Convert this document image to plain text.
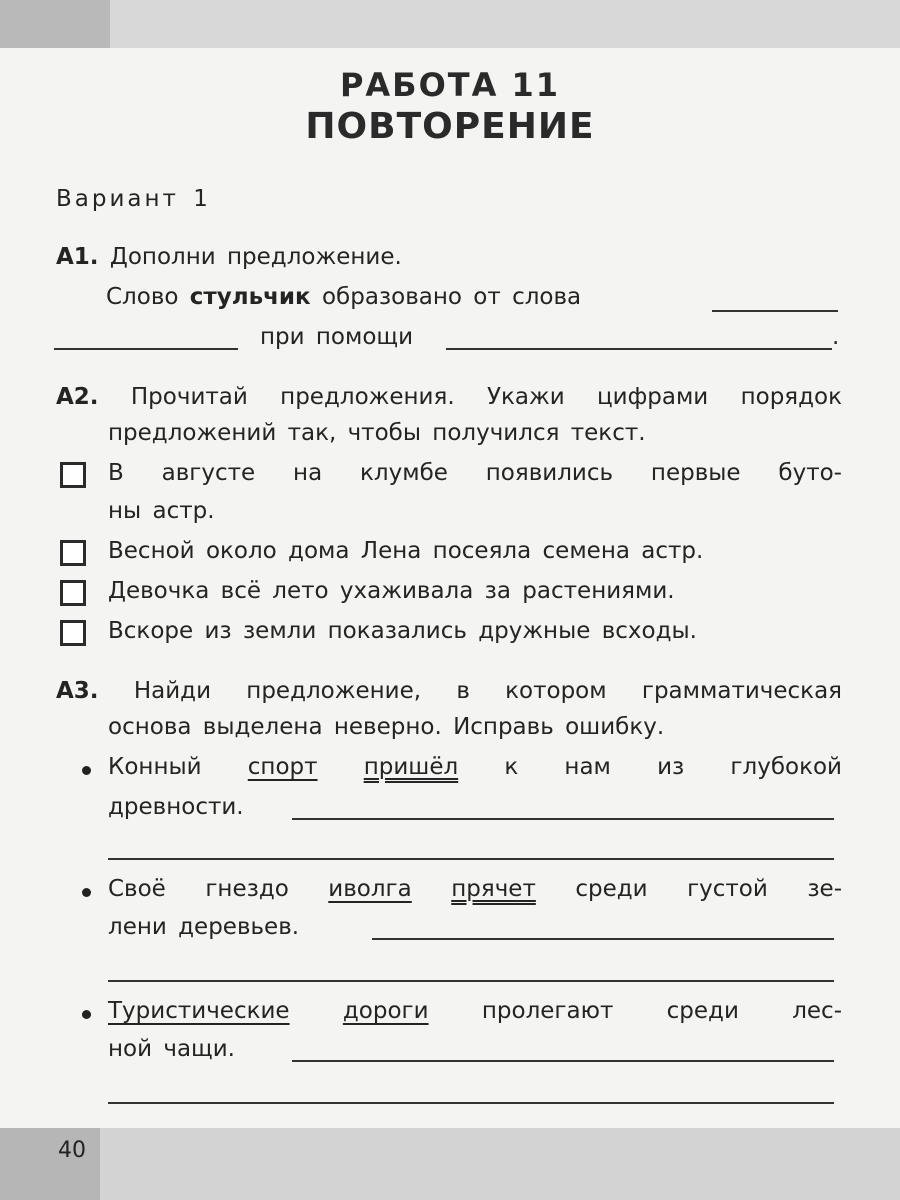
40
РАБОТА 11
ПОВТОРЕНИЕ
Вариант 1
А1. Дополни предложение.
Слово стульчик образовано от слова
при помощи	.
А2. Прочитай предложения. Укажи цифрами порядок
предложений так, чтобы получился текст.
В августе на клумбе появились первые буто-
ны астр.
Весной около дома Лена посеяла семена астр.
Девочка всё лето ухаживала за растениями.
Вскоре из земли показались дружные всходы.
А3. Найди предложение, в котором грамматическая
основа выделена неверно. Исправь ошибку.
Конный спорт пришёл к нам из глубокой
древности.
Своё гнездо иволга прячет среди густой зе-
лени деревьев.
Туристические дороги пролегают среди лес-
ной чащи.
